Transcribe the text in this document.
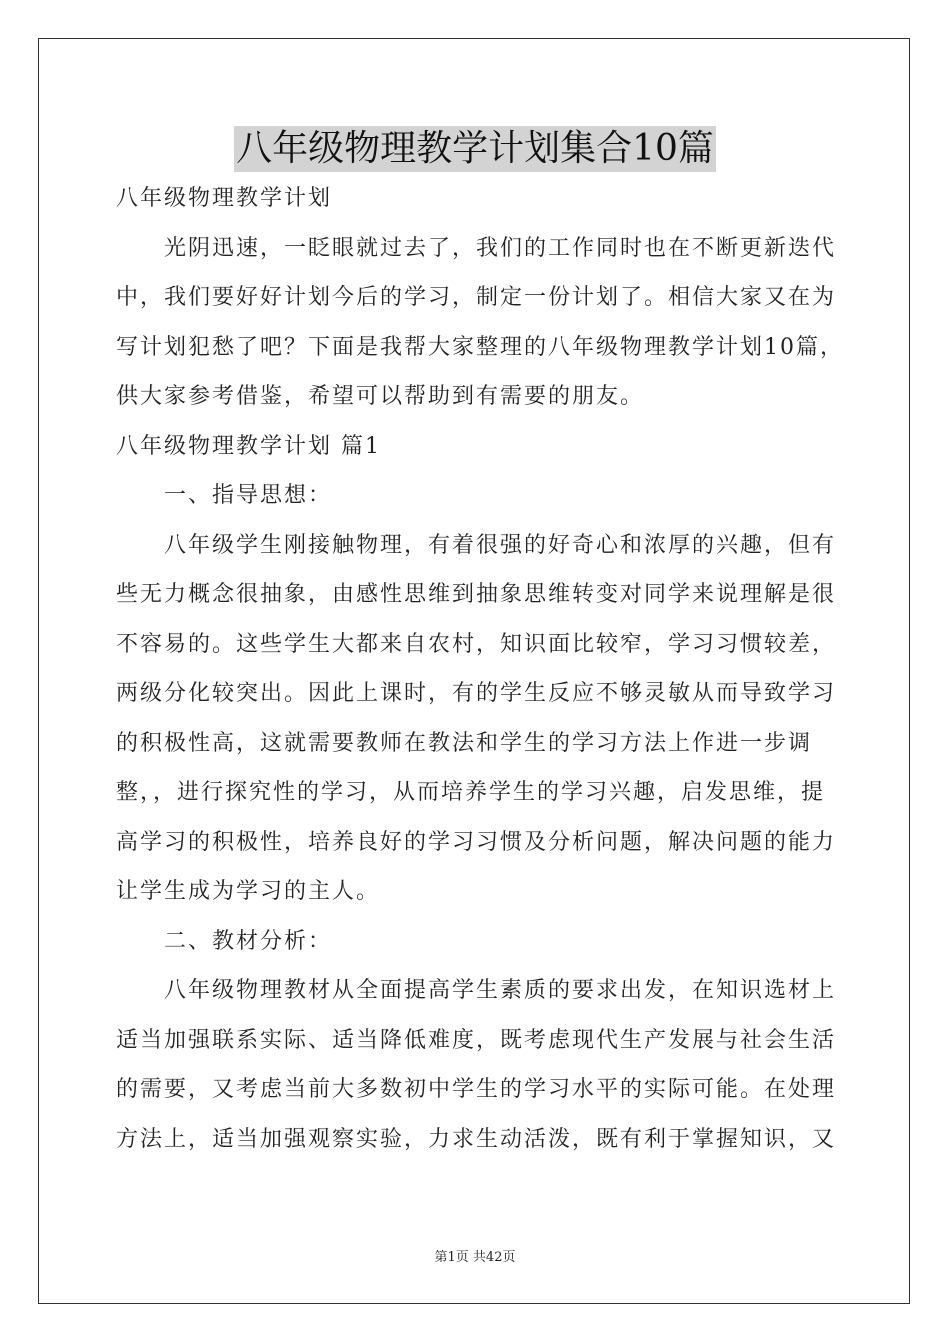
八年级物理教学计划集合10篇
八年级物理教学计划
光阴迅速，一眨眼就过去了，我们的工作同时也在不断更新迭代
中，我们要好好计划今后的学习，制定一份计划了。相信大家又在为
写计划犯愁了吧？下面是我帮大家整理的八年级物理教学计划10篇，
供大家参考借鉴，希望可以帮助到有需要的朋友。
八年级物理教学计划 篇1
一、指导思想：
八年级学生刚接触物理，有着很强的好奇心和浓厚的兴趣，但有
些无力概念很抽象，由感性思维到抽象思维转变对同学来说理解是很
不容易的。这些学生大都来自农村，知识面比较窄，学习习惯较差，
两级分化较突出。因此上课时，有的学生反应不够灵敏从而导致学习
的积极性高，这就需要教师在教法和学生的学习方法上作进一步调
整，，进行探究性的学习，从而培养学生的学习兴趣，启发思维，提
高学习的积极性，培养良好的学习习惯及分析问题，解决问题的能力
让学生成为学习的主人。
二、教材分析：
八年级物理教材从全面提高学生素质的要求出发，在知识选材上
适当加强联系实际、适当降低难度，既考虑现代生产发展与社会生活
的需要，又考虑当前大多数初中学生的学习水平的实际可能。在处理
方法上，适当加强观察实验，力求生动活泼，既有利于掌握知识，又
第1页 共42页
